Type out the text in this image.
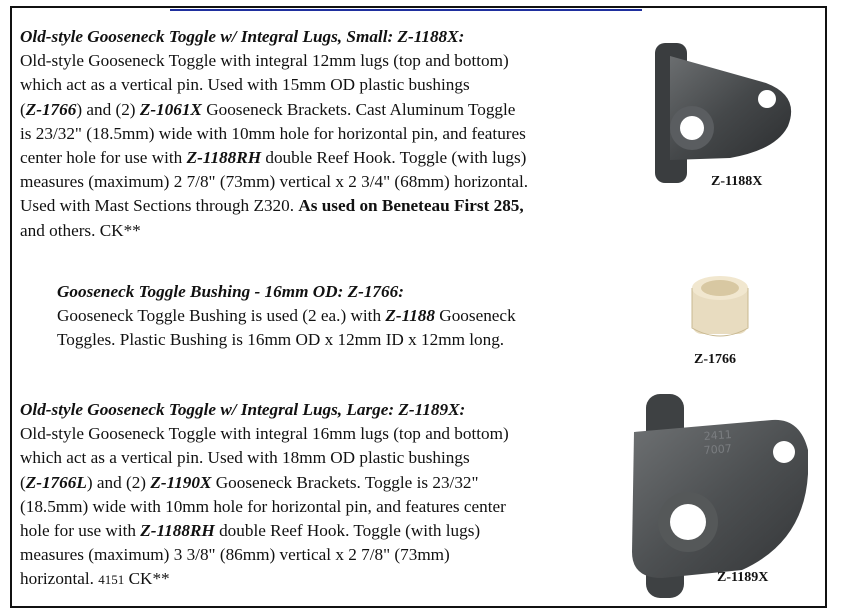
Old-style Gooseneck Toggle w/ Integral Lugs, Small: Z-1188X:
Old-style Gooseneck Toggle with integral 12mm lugs (top and bottom)
which act as a vertical pin. Used with 15mm OD plastic bushings
(Z-1766) and (2) Z-1061X Gooseneck Brackets. Cast Aluminum Toggle
is 23/32" (18.5mm) wide with 10mm hole for horizontal pin, and features
center hole for use with Z-1188RH double Reef Hook. Toggle (with lugs)
measures (maximum) 2 7/8" (73mm) vertical x 2 3/4" (68mm) horizontal.
Used with Mast Sections through Z320. As used on Beneteau First 285,
and others. CK**
Z-1188X
Gooseneck Toggle Bushing - 16mm OD: Z-1766:
Gooseneck Toggle Bushing is used (2 ea.) with Z-1188 Gooseneck
Toggles. Plastic Bushing is 16mm OD x 12mm ID x 12mm long.
Z-1766
Old-style Gooseneck Toggle w/ Integral Lugs, Large: Z-1189X:
Old-style Gooseneck Toggle with integral 16mm lugs (top and bottom)
which act as a vertical pin. Used with 18mm OD plastic bushings
(Z-1766L) and (2) Z-1190X Gooseneck Brackets. Toggle is 23/32"
(18.5mm) wide with 10mm hole for horizontal pin, and features center
hole for use with Z-1188RH double Reef Hook. Toggle (with lugs)
measures (maximum) 3 3/8" (86mm) vertical x 2 7/8" (73mm)
horizontal. 4151 CK**
2411
7007
Z-1189X
